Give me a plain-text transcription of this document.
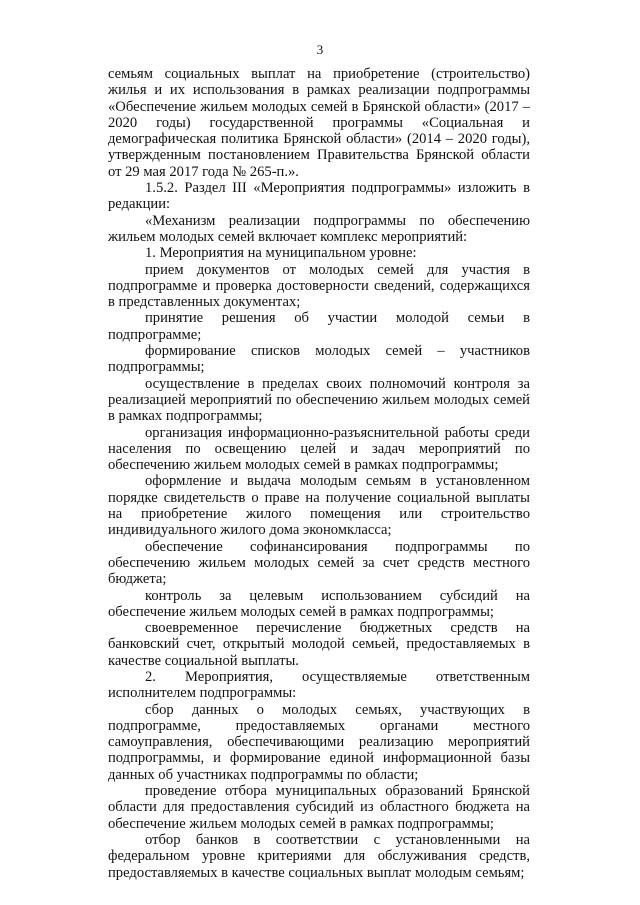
3

семьям социальных выплат на приобретение (строительство) жилья и их использования в рамках реализации подпрограммы «Обеспечение жильем молодых семей в Брянской области» (2017 – 2020 годы) государственной программы «Социальная и демографическая политика Брянской области» (2014 – 2020 годы), утвержденным постановлением Правительства Брянской области от 29 мая 2017 года № 265-п.».

1.5.2. Раздел III «Мероприятия подпрограммы» изложить в редакции:

«Механизм реализации подпрограммы по обеспечению жильем молодых семей включает комплекс мероприятий:

1. Мероприятия на муниципальном уровне:

прием документов от молодых семей для участия в подпрограмме и проверка достоверности сведений, содержащихся в представленных документах;

принятие решения об участии молодой семьи в подпрограмме;

формирование списков молодых семей – участников подпрограммы;

осуществление в пределах своих полномочий контроля за реализацией мероприятий по обеспечению жильем молодых семей в рамках подпрограммы;

организация информационно-разъяснительной работы среди населения по освещению целей и задач мероприятий по обеспечению жильем молодых семей в рамках подпрограммы;

оформление и выдача молодым семьям в установленном порядке свидетельств о праве на получение социальной выплаты на приобретение жилого помещения или строительство индивидуального жилого дома экономкласса;

обеспечение софинансирования подпрограммы по обеспечению жильем молодых семей за счет средств местного бюджета;

контроль за целевым использованием субсидий на обеспечение жильем молодых семей в рамках подпрограммы;

своевременное перечисление бюджетных средств на банковский счет, открытый молодой семьей, предоставляемых в качестве социальной выплаты.

2. Мероприятия, осуществляемые ответственным исполнителем подпрограммы:

сбор данных о молодых семьях, участвующих в подпрограмме, предоставляемых органами местного самоуправления, обеспечивающими реализацию мероприятий подпрограммы, и формирование единой информационной базы данных об участниках подпрограммы по области;

проведение отбора муниципальных образований Брянской области для предоставления субсидий из областного бюджета на обеспечение жильем молодых семей в рамках подпрограммы;

отбор банков в соответствии с установленными на федеральном уровне критериями для обслуживания средств, предоставляемых в качестве социальных выплат молодым семьям;
